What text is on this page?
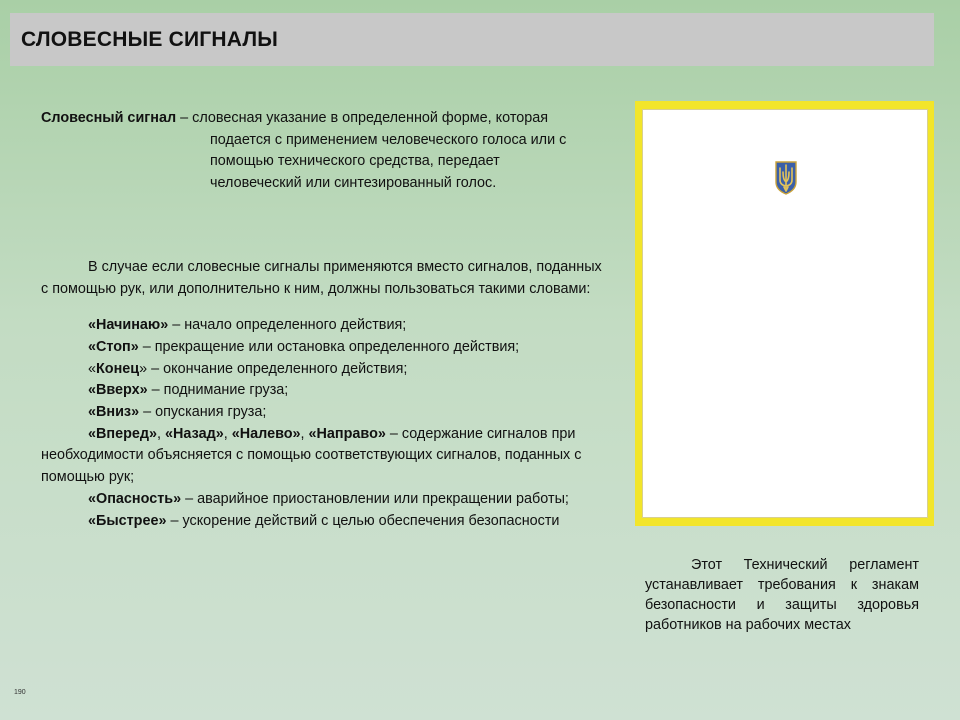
СЛОВЕСНЫЕ СИГНАЛЫ

Словесный сигнал – словесная указание в определенной форме, которая

подается с применением человеческого голоса или с
помощью технического средства, передает
человеческий или синтезированный голос.

В случае если словесные сигналы применяются вместо сигналов, поданных с помощью рук, или дополнительно к ним, должны пользоваться такими словами:

«Начинаю» – начало определенного действия;
«Стоп» – прекращение или остановка определенного действия;
«Конец» – окончание определенного действия;
«Вверх» – поднимание груза;
«Вниз» – опускания груза;
«Вперед», «Назад», «Налево», «Направо» – содержание сигналов при необходимости объясняется с помощью соответствующих сигналов, поданных с помощью рук;
«Опасность» – аварийное приостановлении или прекращении работы;
«Быстрее» – ускорение действий с целью обеспечения безопасности
Этот Технический регламент устанавливает требования к знакам безопасности и защиты здоровья работников на рабочих местах
190
